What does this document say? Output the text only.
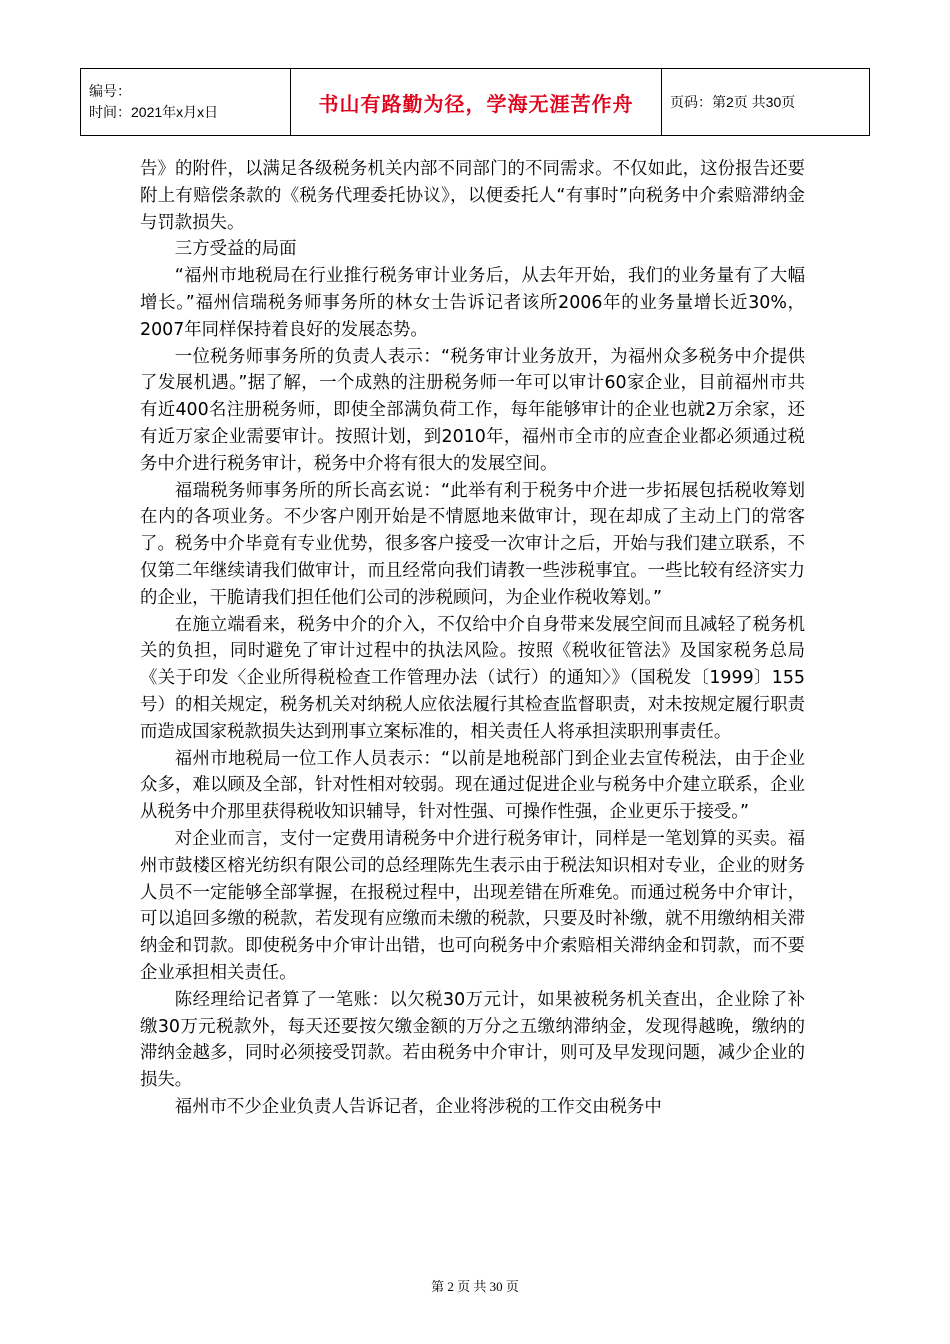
编号：
时间：2021年x月x日	书山有路勤为径，学海无涯苦作舟	页码：第2页 共30页

告》的附件，以满足各级税务机关内部不同部门的不同需求。不仅如此，这份报告还要附上有赔偿条款的《税务代理委托协议》，以便委托人“有事时”向税务中介索赔滞纳金与罚款损失。

三方受益的局面

“福州市地税局在行业推行税务审计业务后，从去年开始，我们的业务量有了大幅增长。”福州信瑞税务师事务所的林女士告诉记者该所2006年的业务量增长近30%，2007年同样保持着良好的发展态势。

一位税务师事务所的负责人表示：“税务审计业务放开，为福州众多税务中介提供了发展机遇。”据了解，一个成熟的注册税务师一年可以审计60家企业，目前福州市共有近400名注册税务师，即使全部满负荷工作，每年能够审计的企业也就2万余家，还有近万家企业需要审计。按照计划，到2010年，福州市全市的应查企业都必须通过税务中介进行税务审计，税务中介将有很大的发展空间。

福瑞税务师事务所的所长高玄说：“此举有利于税务中介进一步拓展包括税收筹划在内的各项业务。不少客户刚开始是不情愿地来做审计，现在却成了主动上门的常客了。税务中介毕竟有专业优势，很多客户接受一次审计之后，开始与我们建立联系，不仅第二年继续请我们做审计，而且经常向我们请教一些涉税事宜。一些比较有经济实力的企业，干脆请我们担任他们公司的涉税顾问，为企业作税收筹划。”

在施立端看来，税务中介的介入，不仅给中介自身带来发展空间而且减轻了税务机关的负担，同时避免了审计过程中的执法风险。按照《税收征管法》及国家税务总局《关于印发〈企业所得税检查工作管理办法（试行）的通知〉》（国税发〔1999〕155号）的相关规定，税务机关对纳税人应依法履行其检查监督职责，对未按规定履行职责而造成国家税款损失达到刑事立案标准的，相关责任人将承担渎职刑事责任。

福州市地税局一位工作人员表示：“以前是地税部门到企业去宣传税法，由于企业众多，难以顾及全部，针对性相对较弱。现在通过促进企业与税务中介建立联系，企业从税务中介那里获得税收知识辅导，针对性强、可操作性强，企业更乐于接受。”

对企业而言，支付一定费用请税务中介进行税务审计，同样是一笔划算的买卖。福州市鼓楼区榕光纺织有限公司的总经理陈先生表示由于税法知识相对专业，企业的财务人员不一定能够全部掌握，在报税过程中，出现差错在所难免。而通过税务中介审计，可以追回多缴的税款，若发现有应缴而未缴的税款，只要及时补缴，就不用缴纳相关滞纳金和罚款。即使税务中介审计出错，也可向税务中介索赔相关滞纳金和罚款，而不要企业承担相关责任。

陈经理给记者算了一笔账：以欠税30万元计，如果被税务机关查出，企业除了补缴30万元税款外，每天还要按欠缴金额的万分之五缴纳滞纳金，发现得越晚，缴纳的滞纳金越多，同时必须接受罚款。若由税务中介审计，则可及早发现问题，减少企业的损失。

福州市不少企业负责人告诉记者，企业将涉税的工作交由税务中

第 2 页 共 30 页
